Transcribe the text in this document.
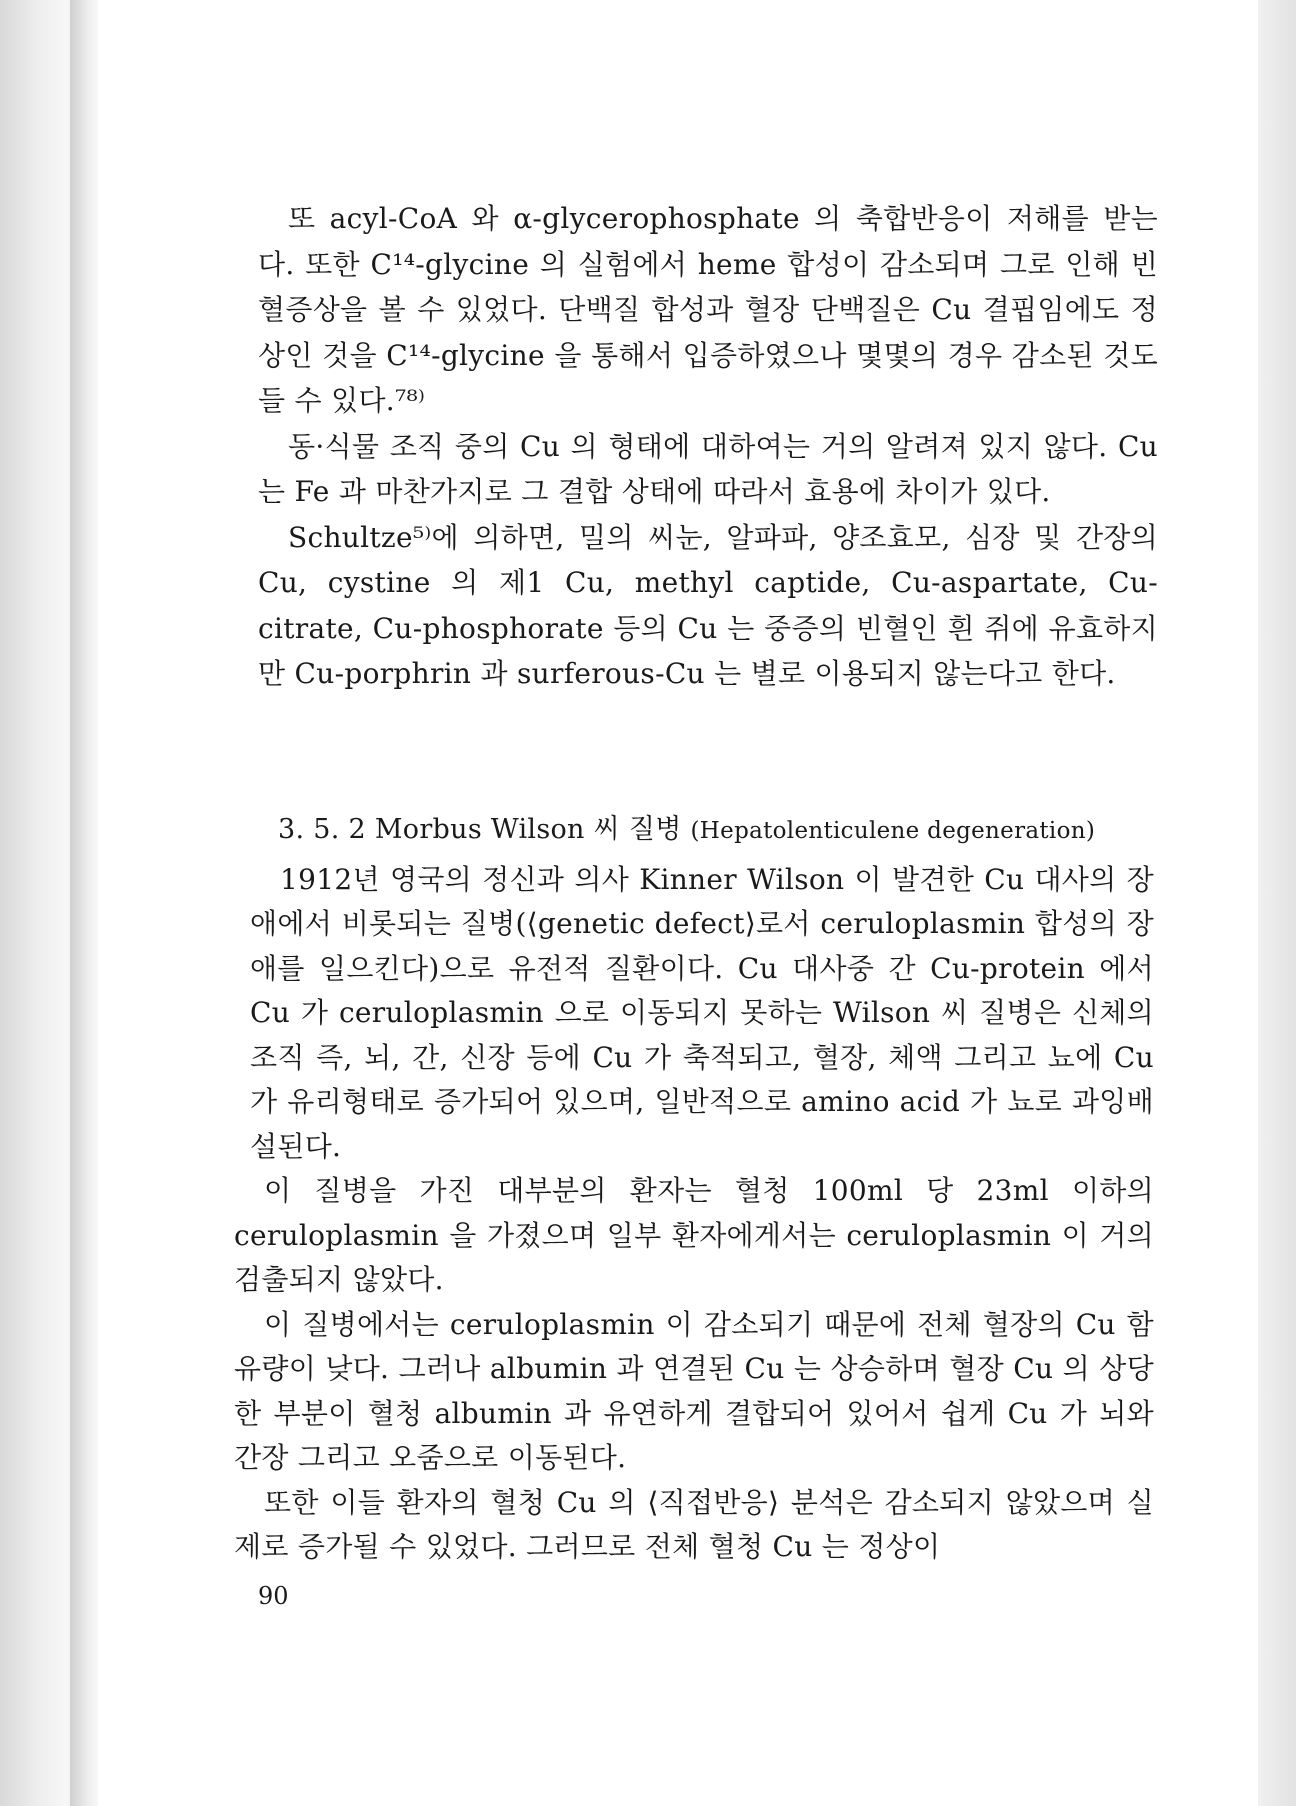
또 acyl-CoA 와 α-glycerophosphate 의 축합반응이 저해를 받는다. 또한 C¹⁴-glycine 의 실험에서 heme 합성이 감소되며 그로 인해 빈혈증상을 볼 수 있었다. 단백질 합성과 혈장 단백질은 Cu 결핍임에도 정상인 것을 C¹⁴-glycine 을 통해서 입증하였으나 몇몇의 경우 감소된 것도 들 수 있다.⁷⁸⁾

동·식물 조직 중의 Cu 의 형태에 대하여는 거의 알려져 있지 않다. Cu 는 Fe 과 마찬가지로 그 결합 상태에 따라서 효용에 차이가 있다.

Schultze⁵⁾에 의하면, 밀의 씨눈, 알파파, 양조효모, 심장 및 간장의 Cu, cystine 의 제1 Cu, methyl captide, Cu-aspartate, Cu-citrate, Cu-phosphorate 등의 Cu 는 중증의 빈혈인 흰 쥐에 유효하지만 Cu-porphrin 과 surferous-Cu 는 별로 이용되지 않는다고 한다.

3. 5. 2 Morbus Wilson 씨 질병 (Hepatolenticulene degeneration)

1912년 영국의 정신과 의사 Kinner Wilson 이 발견한 Cu 대사의 장애에서 비롯되는 질병(⟨genetic defect⟩로서 ceruloplasmin 합성의 장애를 일으킨다)으로 유전적 질환이다. Cu 대사중 간 Cu-protein 에서 Cu 가 ceruloplasmin 으로 이동되지 못하는 Wilson 씨 질병은 신체의 조직 즉, 뇌, 간, 신장 등에 Cu 가 축적되고, 혈장, 체액 그리고 뇨에 Cu 가 유리형태로 증가되어 있으며, 일반적으로 amino acid 가 뇨로 과잉배설된다.

이 질병을 가진 대부분의 환자는 혈청 100ml 당 23ml 이하의 ceruloplasmin 을 가졌으며 일부 환자에게서는 ceruloplasmin 이 거의 검출되지 않았다.

이 질병에서는 ceruloplasmin 이 감소되기 때문에 전체 혈장의 Cu 함유량이 낮다. 그러나 albumin 과 연결된 Cu 는 상승하며 혈장 Cu 의 상당한 부분이 혈청 albumin 과 유연하게 결합되어 있어서 쉽게 Cu 가 뇌와 간장 그리고 오줌으로 이동된다.

또한 이들 환자의 혈청 Cu 의 ⟨직접반응⟩ 분석은 감소되지 않았으며 실제로 증가될 수 있었다. 그러므로 전체 혈청 Cu 는 정상이

90
